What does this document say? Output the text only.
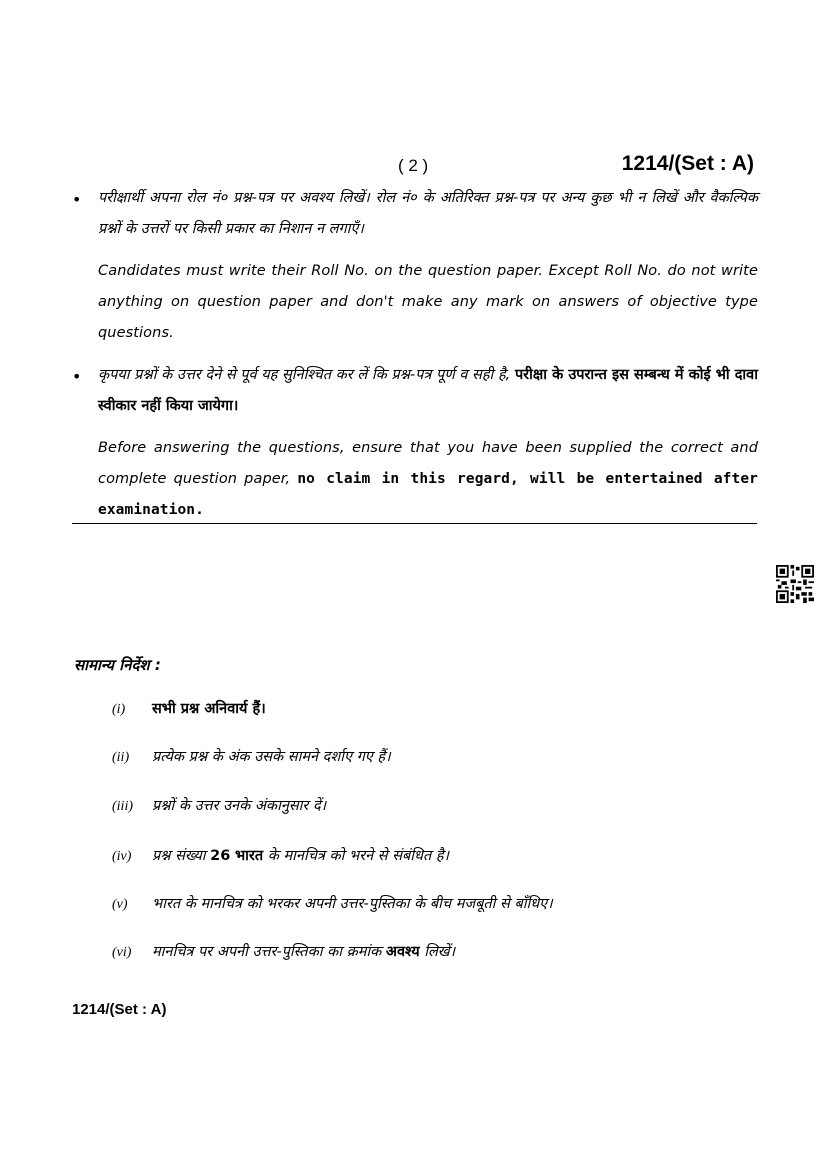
( 2 )	1214/(Set : A)
• परीक्षार्थी अपना रोल नं० प्रश्न-पत्र पर अवश्य लिखें। रोल नं० के अतिरिक्त प्रश्न-पत्र पर अन्य कुछ भी न लिखें और वैकल्पिक प्रश्नों के उत्तरों पर किसी प्रकार का निशान न लगाएँ।
Candidates must write their Roll No. on the question paper. Except Roll No. do not write anything on question paper and don't make any mark on answers of objective type questions.
• कृपया प्रश्नों के उत्तर देने से पूर्व यह सुनिश्चित कर लें कि प्रश्न-पत्र पूर्ण व सही है, परीक्षा के उपरान्त इस सम्बन्ध में कोई भी दावा स्वीकार नहीं किया जायेगा।
Before answering the questions, ensure that you have been supplied the correct and complete question paper, no claim in this regard, will be entertained after examination.
सामान्य निर्देश :
(i) सभी प्रश्न अनिवार्य हैं।
(ii) प्रत्येक प्रश्न के अंक उसके सामने दर्शाए गए हैं।
(iii) प्रश्नों के उत्तर उनके अंकानुसार दें।
(iv) प्रश्न संख्या 26 भारत के मानचित्र को भरने से संबंधित है।
(v) भारत के मानचित्र को भरकर अपनी उत्तर-पुस्तिका के बीच मजबूती से बाँधिए।
(vi) मानचित्र पर अपनी उत्तर-पुस्तिका का क्रमांक अवश्य लिखें।
1214/(Set : A)
